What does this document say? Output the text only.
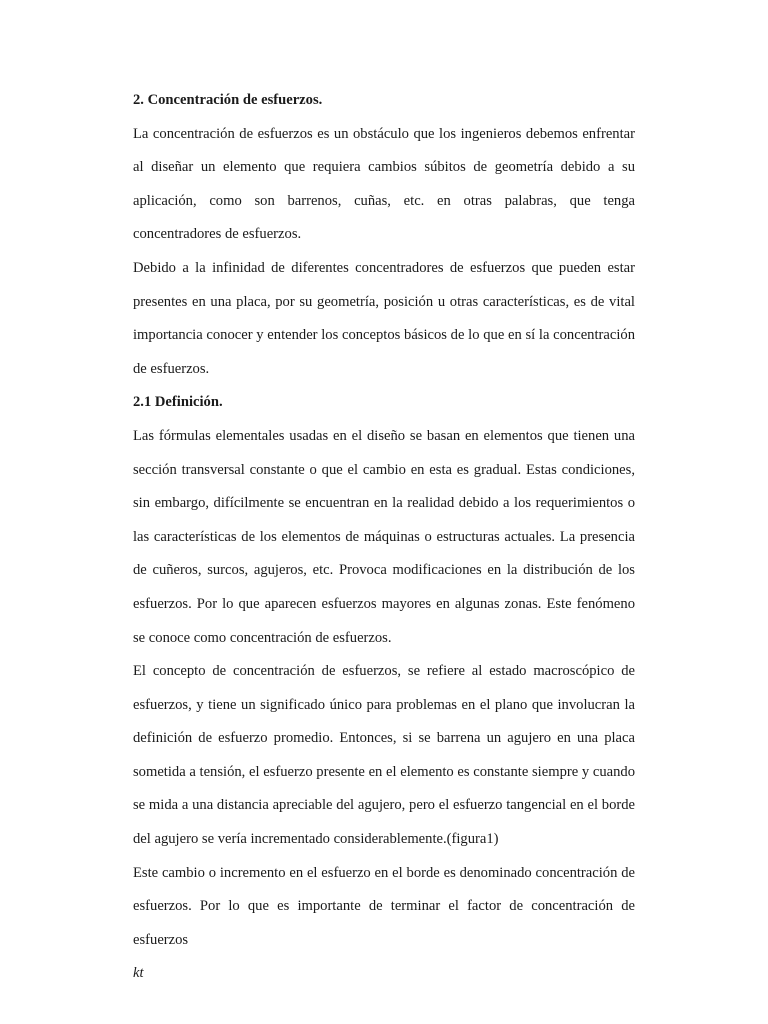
2. Concentración de esfuerzos.

La concentración de esfuerzos es un obstáculo que los ingenieros debemos enfrentar al diseñar un elemento que requiera cambios súbitos de geometría debido a su aplicación, como son barrenos, cuñas, etc. en otras palabras, que tenga concentradores de esfuerzos.

Debido a la infinidad de diferentes concentradores de esfuerzos que pueden estar presentes en una placa, por su geometría, posición u otras características, es de vital importancia conocer y entender los conceptos básicos de lo que en sí la concentración de esfuerzos.

2.1 Definición.

Las fórmulas elementales usadas en el diseño se basan en elementos que tienen una sección transversal constante o que el cambio en esta es gradual. Estas condiciones, sin embargo, difícilmente se encuentran en la realidad debido a los requerimientos o las características de los elementos de máquinas o estructuras actuales. La presencia de cuñeros, surcos, agujeros, etc. Provoca modificaciones en la distribución de los esfuerzos. Por lo que aparecen esfuerzos mayores en algunas zonas. Este fenómeno se conoce como concentración de esfuerzos.

El concepto de concentración de esfuerzos, se refiere al estado macroscópico de esfuerzos, y tiene un significado único para problemas en el plano que involucran la definición de esfuerzo promedio. Entonces, si se barrena un agujero en una placa sometida a tensión, el esfuerzo presente en el elemento es constante siempre y cuando se mida a una distancia apreciable del agujero, pero el esfuerzo tangencial en el borde del agujero se vería incrementado considerablemente.(figura1)

Este cambio o incremento en el esfuerzo en el borde es denominado concentración de esfuerzos. Por lo que es importante de terminar el factor de concentración de esfuerzos

kt
